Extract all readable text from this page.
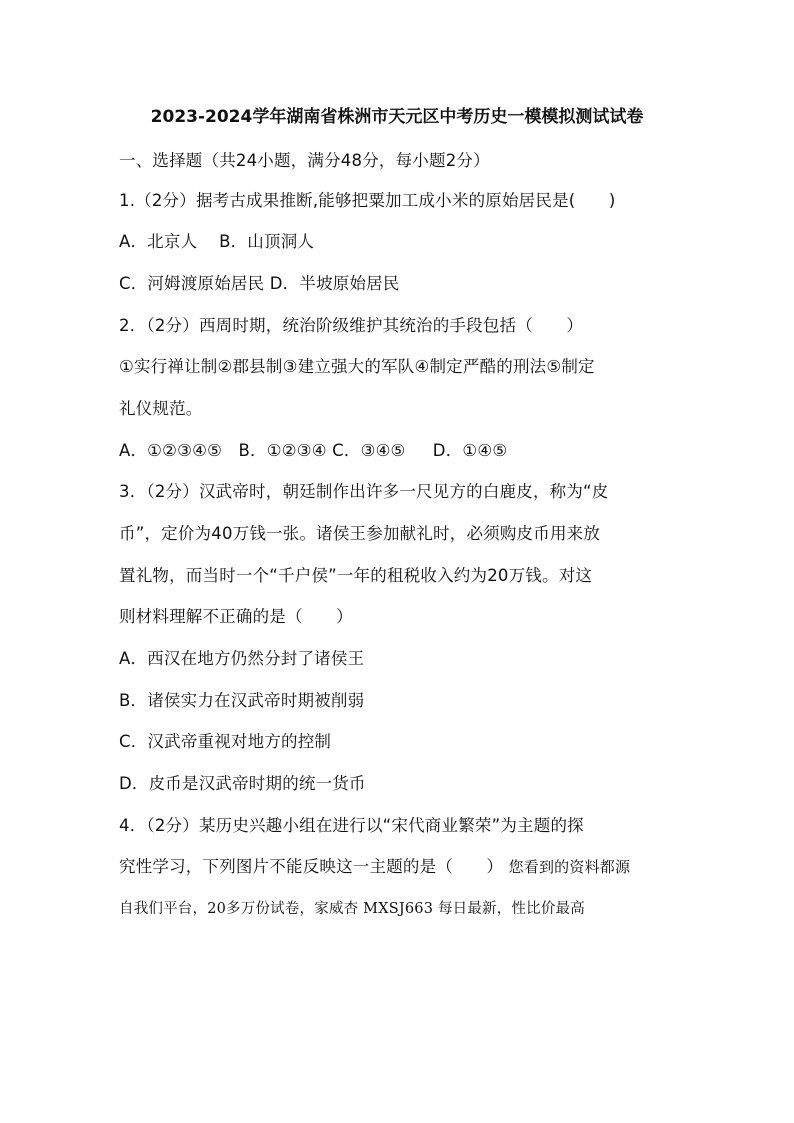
2023-2024学年湖南省株洲市天元区中考历史一模模拟测试试卷
一、选择题（共24小题，满分48分，每小题2分）
1.（2分）据考古成果推断,能够把粟加工成小米的原始居民是(　　)
A．北京人 B．山顶洞人
C．河姆渡原始居民 D．半坡原始居民
2．（2分）西周时期，统治阶级维护其统治的手段包括（　　）
①实行禅让制②郡县制③建立强大的军队④制定严酷的刑法⑤制定
礼仪规范。
A．①②③④⑤ B．①②③④ C．③④⑤ D．①④⑤
3．（2分）汉武帝时，朝廷制作出许多一尺见方的白鹿皮，称为“皮
币”，定价为40万钱一张。诸侯王参加献礼时，必须购皮币用来放
置礼物，而当时一个“千户侯”一年的租税收入约为20万钱。对这
则材料理解不正确的是（　　）
A．西汉在地方仍然分封了诸侯王
B．诸侯实力在汉武帝时期被削弱
C．汉武帝重视对地方的控制
D．皮币是汉武帝时期的统一货币
4．（2分）某历史兴趣小组在进行以“宋代商业繁荣”为主题的探
究性学习，下列图片不能反映这一主题的是（　　） 您看到的资料都源
自我们平台，20多万份试卷，家威杏 MXSJ663 每日最新，性比价最高
